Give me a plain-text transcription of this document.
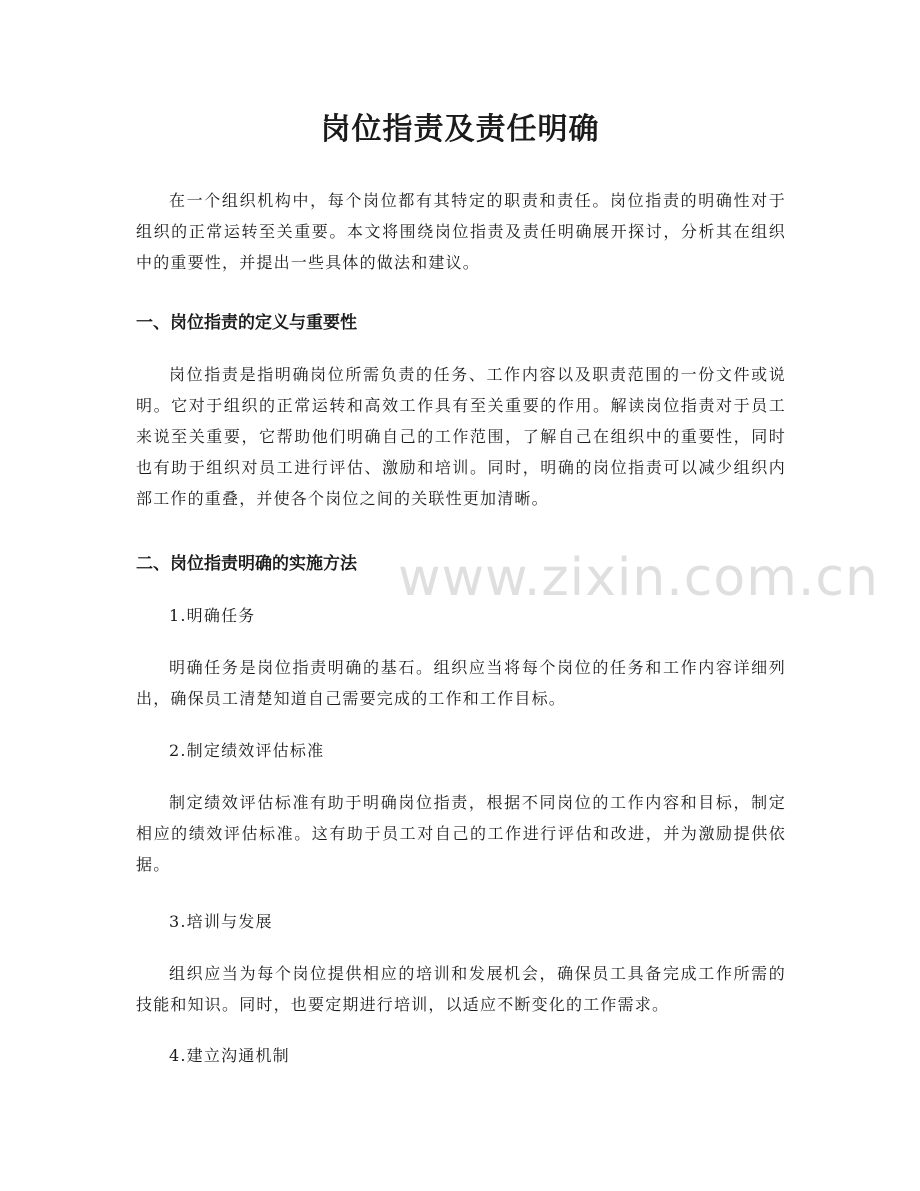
岗位指责及责任明确

在一个组织机构中，每个岗位都有其特定的职责和责任。岗位指责的明确性对于组织的正常运转至关重要。本文将围绕岗位指责及责任明确展开探讨，分析其在组织中的重要性，并提出一些具体的做法和建议。

一、岗位指责的定义与重要性

岗位指责是指明确岗位所需负责的任务、工作内容以及职责范围的一份文件或说明。它对于组织的正常运转和高效工作具有至关重要的作用。解读岗位指责对于员工来说至关重要，它帮助他们明确自己的工作范围，了解自己在组织中的重要性，同时也有助于组织对员工进行评估、激励和培训。同时，明确的岗位指责可以减少组织内部工作的重叠，并使各个岗位之间的关联性更加清晰。

二、岗位指责明确的实施方法 www.zixin.com.cn

1.明确任务

明确任务是岗位指责明确的基石。组织应当将每个岗位的任务和工作内容详细列出，确保员工清楚知道自己需要完成的工作和工作目标。

2.制定绩效评估标准

制定绩效评估标准有助于明确岗位指责，根据不同岗位的工作内容和目标，制定相应的绩效评估标准。这有助于员工对自己的工作进行评估和改进，并为激励提供依据。

3.培训与发展

组织应当为每个岗位提供相应的培训和发展机会，确保员工具备完成工作所需的技能和知识。同时，也要定期进行培训，以适应不断变化的工作需求。

4.建立沟通机制
